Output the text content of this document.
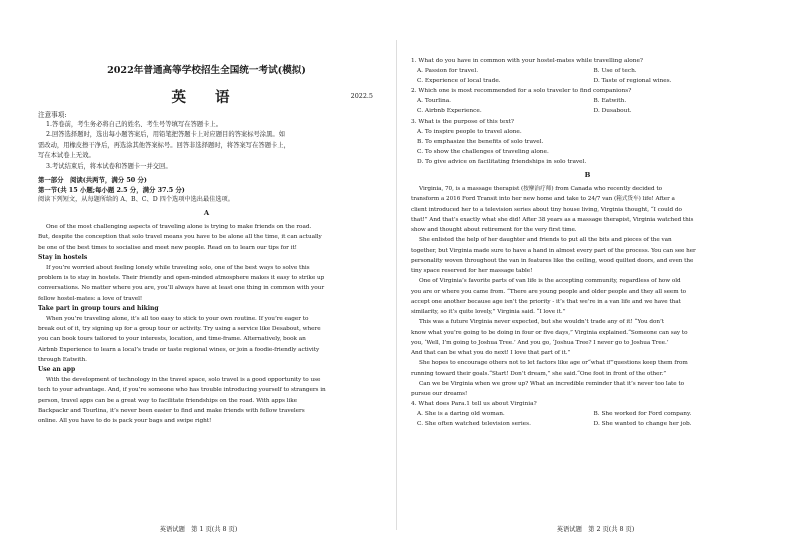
2022年普通高等学校招生全国统一考试(模拟)
英 语	2022.5
注意事项:
1.答卷前，考生务必将自己的姓名、考生号等填写在答题卡上。
2.回答选择题时，选出每小题答案后，用铅笔把答题卡上对应题目的答案标号涂黑。如
需改动，用橡皮擦干净后，再选涂其他答案标号。回答非选择题时，将答案写在答题卡上，
写在本试卷上无效。
3.考试结束后，将本试卷和答题卡一并交回。
第一部分　阅读(共两节，满分 50 分)
第一节(共 15 小题;每小题 2.5 分，满分 37.5 分)
阅读下列短文，从每题所给的 A、B、C、D 四个选项中选出最佳选项。
A
One of the most challenging aspects of traveling alone is trying to make friends on the road.
But, despite the conception that solo travel means you have to be alone all the time, it can actually
be one of the best times to socialise and meet new people. Read on to learn our tips for it!
Stay in hostels
If you’re worried about feeling lonely while traveling solo, one of the best ways to solve this
problem is to stay in hostels. Their friendly and open-minded atmosphere makes it easy to strike up
conversations. No matter where you are, you’ll always have at least one thing in common with your
fellow hostel-mates: a love of travel!
Take part in group tours and hiking
When you’re traveling alone, it’s all too easy to stick to your own routine. If you’re eager to
break out of it, try signing up for a group tour or activity. Try using a service like Desabout, where
you can book tours tailored to your interests, location, and time-frame. Alternatively, book an
Airbnb Experience to learn a local’s trade or taste regional wines, or join a foodie-friendly activity
through Eatwith.
Use an app
With the development of technology in the travel space, solo travel is a good opportunity to use
tech to your advantage. And, if you’re someone who has trouble introducing yourself to strangers in
person, travel apps can be a great way to facilitate friendships on the road. With apps like
Backpackr and Tourlina, it’s never been easier to find and make friends with fellow travelers
online. All you have to do is pack your bags and swipe right!
英语试题　第 1 页(共 8 页)
1. What do you have in common with your hostel-mates while travelling alone?
A. Passion for travel.	B. Use of tech.
C. Experience of local trade.	D. Taste of regional wines.
2. Which one is most recommended for a solo traveler to find companions?
A. Tourlina.	B. Eatwith.
C. Airbnb Experience.	D. Dusabout.
3. What is the purpose of this text?
A. To inspire people to travel alone.
B. To emphasize the benefits of solo travel.
C. To show the challenges of traveling alone.
D. To give advice on facilitating friendships in solo travel.
B
Virginia, 70, is a massage therapist (按摩治疗师) from Canada who recently decided to
transform a 2016 Ford Transit into her new home and take to 24/7 van (箱式货车) life! After a
client introduced her to a television series about tiny house living, Virginia thought, “I could do
that!” And that’s exactly what she did! After 38 years as a massage therapist, Virginia watched this
show and thought about retirement for the very first time.
She enlisted the help of her daughter and friends to put all the bits and pieces of the van
together, but Virginia made sure to have a hand in almost every part of the process. You can see her
personality woven throughout the van in features like the ceiling, wood quilted doors, and even the
tiny space reserved for her massage table!
One of Virginia’s favorite parts of van life is the accepting community, regardless of how old
you are or where you came from. “There are young people and older people and they all seem to
accept one another because age isn’t the priority - it’s that we’re in a van life and we have that
similarity, so it’s quite lovely,” Virginia said. “I love it.”
This was a future Virginia never expected, but she wouldn’t trade any of it! “You don’t
know what you’re going to be doing in four or five days,” Virginia explained.“Someone can say to
you, ‘Well, I’m going to Joshua Tree.’ And you go, ‘Joshua Tree? I never go to Joshua Tree.’
And that can be what you do next! I love that part of it.”
She hopes to encourage others not to let factors like age or“what if”questions keep them from
running toward their goals.“Start! Don’t dream,” she said.“One foot in front of the other.”
Can we be Virginia when we grow up? What an incredible reminder that it’s never too late to
pursue our dreams!
4. What does Para.1 tell us about Virginia?
A. She is a daring old woman.	B. She worked for Ford company.
C. She often watched television series.	D. She wanted to change her job.
英语试题　第 2 页(共 8 页)
